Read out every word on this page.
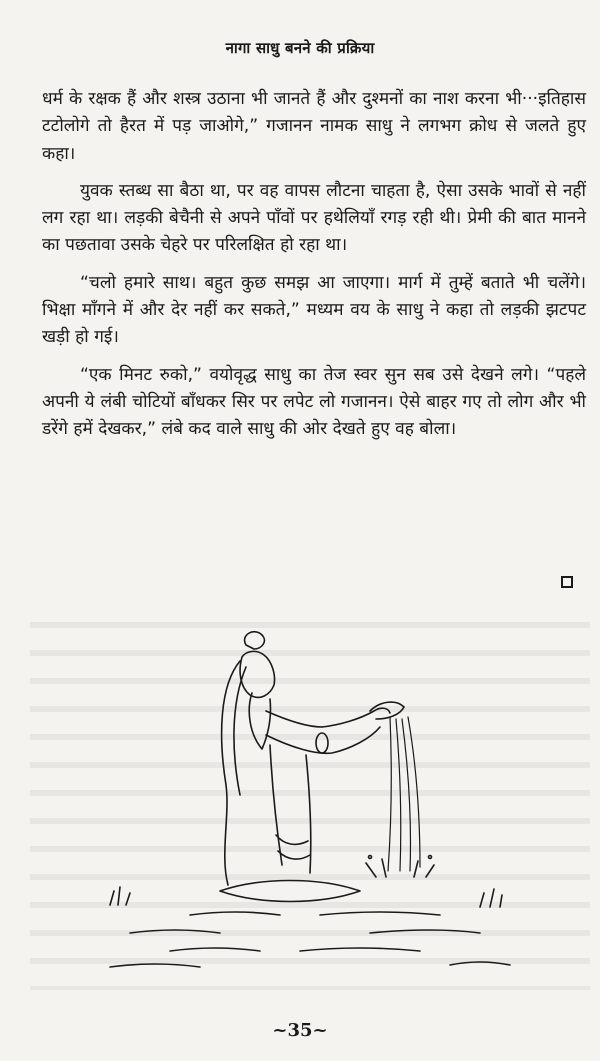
नागा साधु बनने की प्रक्रिया

धर्म के रक्षक हैं और शस्त्र उठाना भी जानते हैं और दुश्मनों का नाश करना भी···इतिहास टटोलोगे तो हैरत में पड़ जाओगे,” गजानन नामक साधु ने लगभग क्रोध से जलते हुए कहा।

युवक स्तब्ध सा बैठा था, पर वह वापस लौटना चाहता है, ऐसा उसके भावों से नहीं लग रहा था। लड़की बेचैनी से अपने पाँवों पर हथेलियाँ रगड़ रही थी। प्रेमी की बात मानने का पछतावा उसके चेहरे पर परिलक्षित हो रहा था।

“चलो हमारे साथ। बहुत कुछ समझ आ जाएगा। मार्ग में तुम्हें बताते भी चलेंगे। भिक्षा माँगने में और देर नहीं कर सकते,” मध्यम वय के साधु ने कहा तो लड़की झटपट खड़ी हो गई।

“एक मिनट रुको,” वयोवृद्ध साधु का तेज स्वर सुन सब उसे देखने लगे। “पहले अपनी ये लंबी चोटियों बाँधकर सिर पर लपेट लो गजानन। ऐसे बाहर गए तो लोग और भी डरेंगे हमें देखकर,” लंबे कद वाले साधु की ओर देखते हुए वह बोला।

~35~
